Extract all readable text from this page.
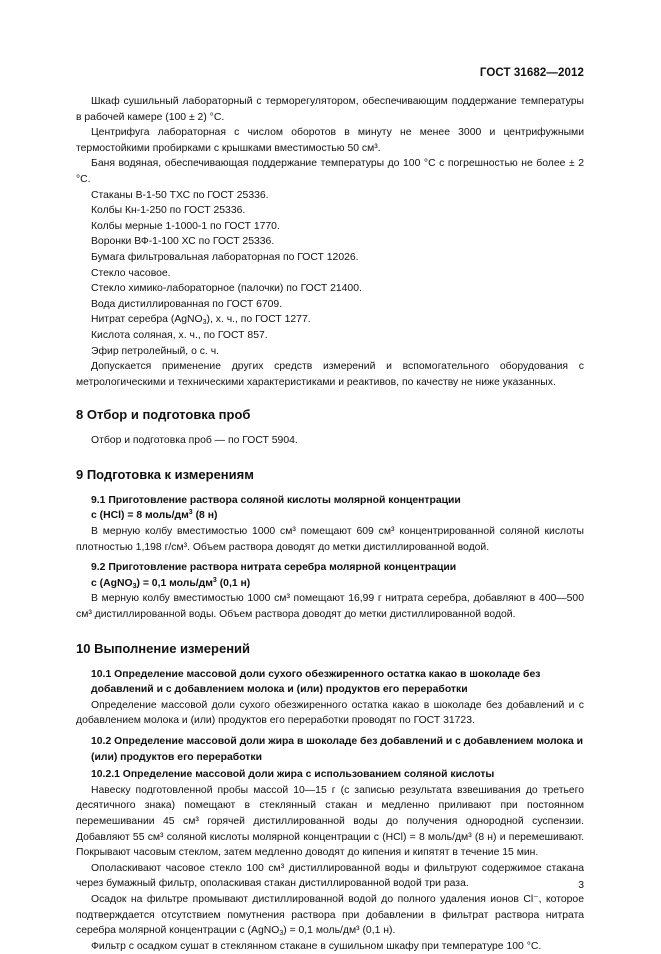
ГОСТ 31682—2012

Шкаф сушильный лабораторный с терморегулятором, обеспечивающим поддержание температуры в рабочей камере (100 ± 2) °С.

Центрифуга лабораторная с числом оборотов в минуту не менее 3000 и центрифужными термостойкими пробирками с крышками вместимостью 50 см³.

Баня водяная, обеспечивающая поддержание температуры до 100 °С с погрешностью не более ± 2 °С.

Стаканы В-1-50 ТХС по ГОСТ 25336.

Колбы Кн-1-250 по ГОСТ 25336.

Колбы мерные 1-1000-1 по ГОСТ 1770.

Воронки ВФ-1-100 ХС по ГОСТ 25336.

Бумага фильтровальная лабораторная по ГОСТ 12026.

Стекло часовое.

Стекло химико-лабораторное (палочки) по ГОСТ 21400.

Вода дистиллированная по ГОСТ 6709.

Нитрат серебра (AgNO$_3$), х. ч., по ГОСТ 1277.

Кислота соляная, х. ч., по ГОСТ 857.

Эфир петролейный, о с. ч.

Допускается применение других средств измерений и вспомогательного оборудования с метрологическими и техническими характеристиками и реактивов, по качеству не ниже указанных.

8 Отбор и подготовка проб

Отбор и подготовка проб — по ГОСТ 5904.

9 Подготовка к измерениям
9.1 Приготовление раствора соляной кислоты молярной концентрации
с (HCl) = 8 моль/$дм^3$ (8 н)

В мерную колбу вместимостью 1000 см³ помещают 609 см³ концентрированной соляной кислоты плотностью 1,198 г/см³. Объем раствора доводят до метки дистиллированной водой.

9.2 Приготовление раствора нитрата серебра молярной концентрации
с (AgNO$_3$) = 0,1 моль/$дм^3$ (0,1 н)

В мерную колбу вместимостью 1000 см³ помещают 16,99 г нитрата серебра, добавляют в 400—500 см³ дистиллированной воды. Объем раствора доводят до метки дистиллированной водой.

10 Выполнение измерений
10.1 Определение массовой доли сухого обезжиренного остатка какао в шоколаде без добавлений и с добавлением молока и (или) продуктов его переработки

Определение массовой доли сухого обезжиренного остатка какао в шоколаде без добавлений и с добавлением молока и (или) продуктов его переработки проводят по ГОСТ 31723.

10.2 Определение массовой доли жира в шоколаде без добавлений и с добавлением молока и (или) продуктов его переработки
10.2.1 Определение массовой доли жира с использованием соляной кислоты

Навеску подготовленной пробы массой 10—15 г (с записью результата взвешивания до третьего десятичного знака) помещают в стеклянный стакан и медленно приливают при постоянном перемешивании 45 см³ горячей дистиллированной воды до получения однородной суспензии. Добавляют 55 см³ соляной кислоты молярной концентрации с (HCl) = 8 моль/дм³ (8 н) и перемешивают. Покрывают часовым стеклом, затем медленно доводят до кипения и кипятят в течение 15 мин.

Ополаскивают часовое стекло 100 см³ дистиллированной воды и фильтруют содержимое стакана через бумажный фильтр, ополаскивая стакан дистиллированной водой три раза.

Осадок на фильтре промывают дистиллированной водой до полного удаления ионов Cl⁻, которое подтверждается отсутствием помутнения раствора при добавлении в фильтрат раствора нитрата серебра молярной концентрации с (AgNO$_3$) = 0,1 моль/дм³ (0,1 н).

Фильтр с осадком сушат в стеклянном стакане в сушильном шкафу при температуре 100 °С.

3
